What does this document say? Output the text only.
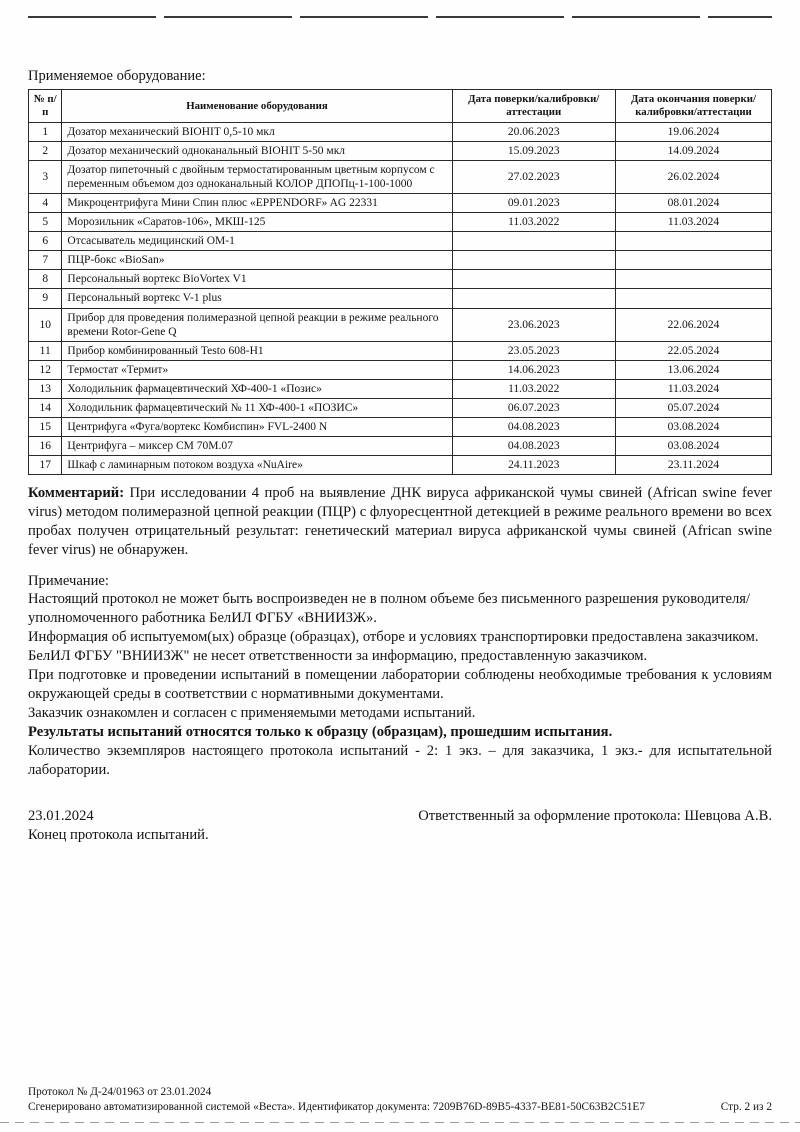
Применяемое оборудование:
№ п/п	Наименование оборудования	Дата поверки/калибровки/аттестации	Дата окончания поверки/калибровки/аттестации
1	Дозатор механический BIOHIT 0,5-10 мкл	20.06.2023	19.06.2024
2	Дозатор механический одноканальный BIOHIT 5-50 мкл	15.09.2023	14.09.2024
3	Дозатор пипеточный с двойным термостатированным цветным корпусом с переменным объемом доз одноканальный КОЛОР ДПОПц-1-100-1000	27.02.2023	26.02.2024
4	Микроцентрифуга Мини Спин плюс «EPPENDORF» AG 22331	09.01.2023	08.01.2024
5	Морозильник «Саратов-106», МКШ-125	11.03.2022	11.03.2024
6	Отсасыватель медицинский ОМ-1		
7	ПЦР-бокс «BioSan»		
8	Персональный вортекс BioVortex V1		
9	Персональный вортекс V-1 plus		
10	Прибор для проведения полимеразной цепной реакции в режиме реального времени Rotor-Gene Q	23.06.2023	22.06.2024
11	Прибор комбинированный Testo 608-H1	23.05.2023	22.05.2024
12	Термостат «Термит»	14.06.2023	13.06.2024
13	Холодильник фармацевтический ХФ-400-1 «Позис»	11.03.2022	11.03.2024
14	Холодильник фармацевтический № 11 ХФ-400-1 «ПОЗИС»	06.07.2023	05.07.2024
15	Центрифуга «Фуга/вортекс Комбиспин» FVL-2400 N	04.08.2023	03.08.2024
16	Центрифуга – миксер СМ 70М.07	04.08.2023	03.08.2024
17	Шкаф с ламинарным потоком воздуха «NuAire»	24.11.2023	23.11.2024

Комментарий: При исследовании 4 проб на выявление ДНК вируса африканской чумы свиней (African swine fever virus) методом полимеразной цепной реакции (ПЦР) с флуоресцентной детекцией в режиме реального времени во всех пробах получен отрицательный результат: генетический материал вируса африканской чумы свиней (African swine fever virus) не обнаружен.

Примечание:

Настоящий протокол не может быть воспроизведен не в полном объеме без письменного разрешения руководителя/уполномоченного работника БелИЛ ФГБУ «ВНИИЗЖ».

Информация об испытуемом(ых) образце (образцах), отборе и условиях транспортировки предоставлена заказчиком.

БелИЛ ФГБУ "ВНИИЗЖ" не несет ответственности за информацию, предоставленную заказчиком.

При подготовке и проведении испытаний в помещении лаборатории соблюдены необходимые требования к условиям окружающей среды в соответствии с нормативными документами.

Заказчик ознакомлен и согласен с применяемыми методами испытаний.

Результаты испытаний относятся только к образцу (образцам), прошедшим испытания.

Количество экземпляров настоящего протокола испытаний - 2: 1 экз. – для заказчика, 1 экз.- для испытательной лаборатории.

23.01.2024	Ответственный за оформление протокола: Шевцова А.В.
Конец протокола испытаний.
Протокол № Д-24/01963 от 23.01.2024
Сгенерировано автоматизированной системой «Веста». Идентификатор документа: 7209B76D-89B5-4337-BE81-50C63B2C51E7	Стр. 2 из 2
